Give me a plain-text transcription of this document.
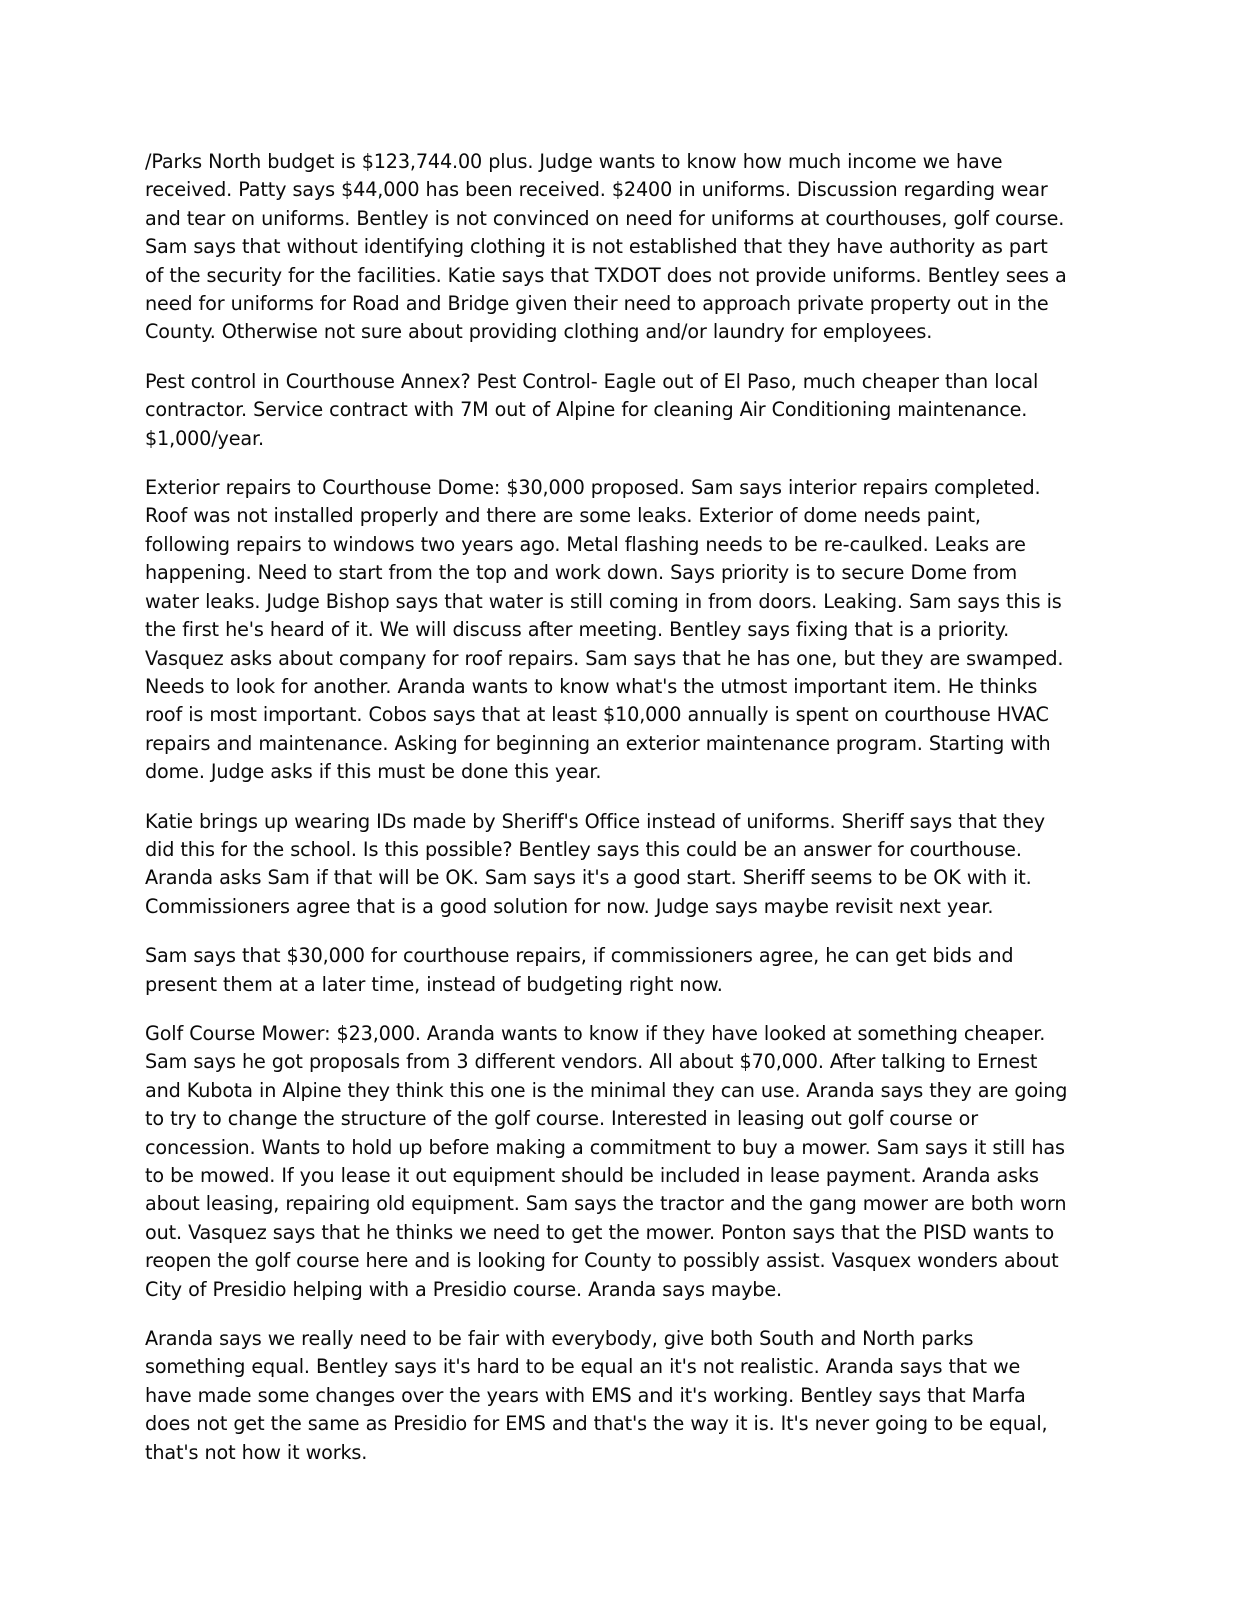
/Parks North budget is $123,744.00 plus. Judge wants to know how much income we have received. Patty says $44,000 has been received. $2400 in uniforms. Discussion regarding wear and tear on uniforms. Bentley is not convinced on need for uniforms at courthouses, golf course. Sam says that without identifying clothing it is not established that they have authority as part of the security for the facilities. Katie says that TXDOT does not provide uniforms. Bentley sees a need for uniforms for Road and Bridge given their need to approach private property out in the County. Otherwise not sure about providing clothing and/or laundry for employees.

Pest control in Courthouse Annex? Pest Control- Eagle out of El Paso, much cheaper than local contractor. Service contract with 7M out of Alpine for cleaning Air Conditioning maintenance. $1,000/year.

Exterior repairs to Courthouse Dome: $30,000 proposed. Sam says interior repairs completed. Roof was not installed properly and there are some leaks. Exterior of dome needs paint, following repairs to windows two years ago. Metal flashing needs to be re-caulked. Leaks are happening. Need to start from the top and work down. Says priority is to secure Dome from water leaks. Judge Bishop says that water is still coming in from doors. Leaking. Sam says this is the first he's heard of it. We will discuss after meeting. Bentley says fixing that is a priority. Vasquez asks about company for roof repairs. Sam says that he has one, but they are swamped. Needs to look for another. Aranda wants to know what's the utmost important item. He thinks roof is most important. Cobos says that at least $10,000 annually is spent on courthouse HVAC repairs and maintenance. Asking for beginning an exterior maintenance program. Starting with dome. Judge asks if this must be done this year.

Katie brings up wearing IDs made by Sheriff's Office instead of uniforms. Sheriff says that they did this for the school. Is this possible? Bentley says this could be an answer for courthouse. Aranda asks Sam if that will be OK. Sam says it's a good start. Sheriff seems to be OK with it. Commissioners agree that is a good solution for now. Judge says maybe revisit next year.

Sam says that $30,000 for courthouse repairs, if commissioners agree, he can get bids and present them at a later time, instead of budgeting right now.

Golf Course Mower: $23,000. Aranda wants to know if they have looked at something cheaper. Sam says he got proposals from 3 different vendors. All about $70,000. After talking to Ernest and Kubota in Alpine they think this one is the minimal they can use. Aranda says they are going to try to change the structure of the golf course. Interested in leasing out golf course or concession. Wants to hold up before making a commitment to buy a mower. Sam says it still has to be mowed. If you lease it out equipment should be included in lease payment. Aranda asks about leasing, repairing old equipment. Sam says the tractor and the gang mower are both worn out. Vasquez says that he thinks we need to get the mower. Ponton says that the PISD wants to reopen the golf course here and is looking for County to possibly assist. Vasquex wonders about City of Presidio helping with a Presidio course. Aranda says maybe.

Aranda says we really need to be fair with everybody, give both South and North parks something equal. Bentley says it's hard to be equal an it's not realistic. Aranda says that we have made some changes over the years with EMS and it's working. Bentley says that Marfa does not get the same as Presidio for EMS and that's the way it is. It's never going to be equal, that's not how it works.
